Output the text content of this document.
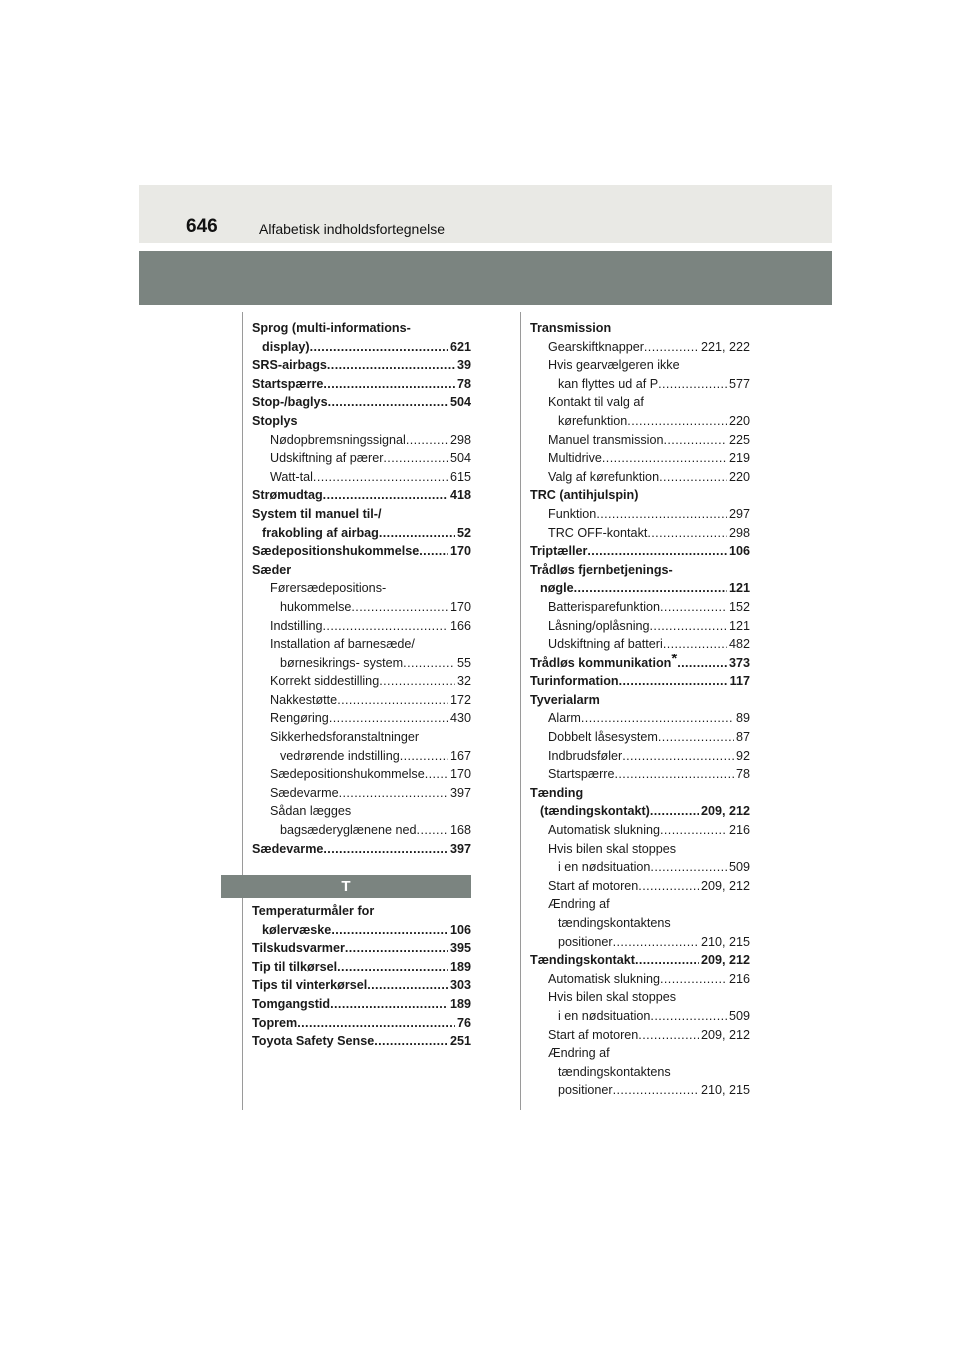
646	Alfabetisk indholdsfortegnelse
Sprog (multi-informations-
display) .....	621
SRS-airbags .....	39
Startspærre .....	78
Stop-/baglys .....	504
Stoplys
Nødopbremsningssignal .....	298
Udskiftning af pærer .....	504
Watt-tal .....	615
Strømudtag .....	418
System til manuel til-/
frakobling af airbag .....	52
Sædepositionshukommelse ..... 170
Sæder
Førersædepositions-
hukommelse .....	170
Indstilling .....	166
Installation af barnesæde/
børnesikrings- system .....	55
Korrekt siddestilling .....	32
Nakkestøtte .....	172
Rengøring .....	430
Sikkerhedsforanstaltninger
vedrørende indstilling .....	167
Sædepositionshukommelse ..... 170
Sædevarme .....	397
Sådan lægges
bagsæderyglænene ned .....	168
Sædevarme .....	397
T
Temperaturmåler for
kølervæske .....	106
Tilskudsvarmer .....	395
Tip til tilkørsel .....	189
Tips til vinterkørsel .....	303
Tomgangstid .....	189
Toprem .....	76
Toyota Safety Sense .....	251
Transmission
Gearskiftknapper .....	221, 222
Hvis gearvælgeren ikke
kan flyttes ud af P .....	577
Kontakt til valg af
kørefunktion .....	220
Manuel transmission .....	225
Multidrive .....	219
Valg af kørefunktion .....	220
TRC (antihjulspin)
Funktion .....	297
TRC OFF-kontakt .....	298
Triptæller .....	106
Trådløs fjernbetjenings-
nøgle .....	121
Batterisparefunktion .....	152
Låsning/oplåsning .....	121
Udskiftning af batteri .....	482
Trådløs kommunikation* .....	373
Turinformation .....	117
Tyverialarm
Alarm .....	89
Dobbelt låsesystem .....	87
Indbrudsføler .....	92
Startspærre .....	78
Tænding
(tændingskontakt) .....	209, 212
Automatisk slukning .....	216
Hvis bilen skal stoppes
i en nødsituation .....	509
Start af motoren .....	209, 212
Ændring af
tændingskontaktens
positioner .....	210, 215
Tændingskontakt .....	209, 212
Automatisk slukning .....	216
Hvis bilen skal stoppes
i en nødsituation .....	509
Start af motoren .....	209, 212
Ændring af
tændingskontaktens
positioner .....	210, 215
